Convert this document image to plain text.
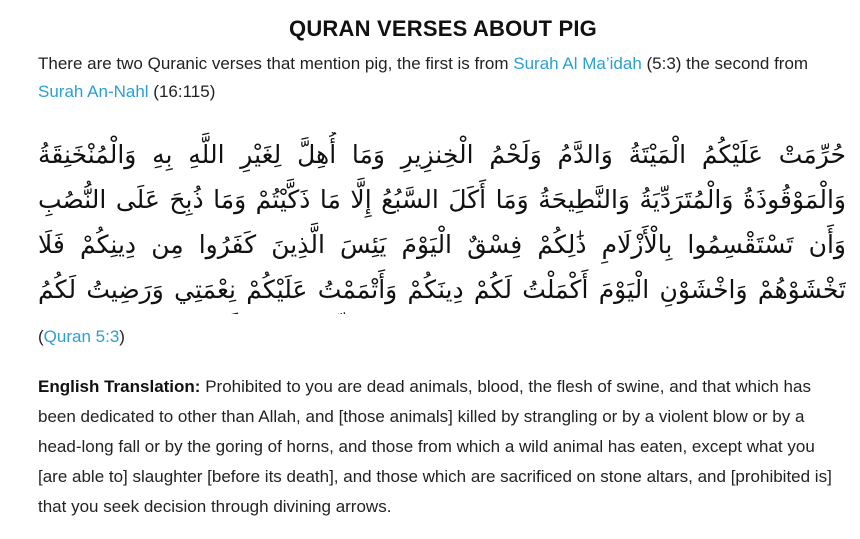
QURAN VERSES ABOUT PIG

There are two Quranic verses that mention pig, the first is from Surah Al Ma’idah (5:3) the second from Surah An-Nahl (16:115)

حُرِّمَتْ عَلَيْكُمُ الْمَيْتَةُ وَالدَّمُ وَلَحْمُ الْخِنزِيرِ وَمَا أُهِلَّ لِغَيْرِ اللَّهِ بِهِ وَالْمُنْخَنِقَةُ وَالْمَوْقُوذَةُ وَالْمُتَرَدِّيَةُ وَالنَّطِيحَةُ وَمَا أَكَلَ السَّبُعُ إِلَّا مَا ذَكَّيْتُمْ وَمَا ذُبِحَ عَلَى النُّصُبِ وَأَن تَسْتَقْسِمُوا بِالْأَزْلَامِ ذَٰلِكُمْ فِسْقٌ الْيَوْمَ يَئِسَ الَّذِينَ كَفَرُوا مِن دِينِكُمْ فَلَا تَخْشَوْهُمْ وَاخْشَوْنِ الْيَوْمَ أَكْمَلْتُ لَكُمْ دِينَكُمْ وَأَتْمَمْتُ عَلَيْكُمْ نِعْمَتِي وَرَضِيتُ لَكُمُ
(Quran 5:3)

English Translation: Prohibited to you are dead animals, blood, the flesh of swine, and that which has been dedicated to other than Allah, and [those animals] killed by strangling or by a violent blow or by a head-long fall or by the goring of horns, and those from which a wild animal has eaten, except what you [are able to] slaughter [before its death], and those which are sacrificed on stone altars, and [prohibited is] that you seek decision through divining arrows.
